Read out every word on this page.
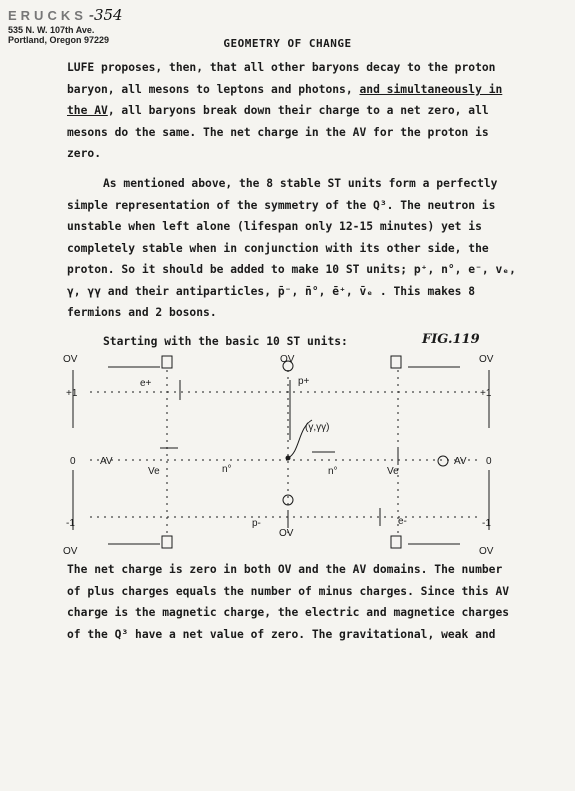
ERUCKS -354
535 N. W. 107th Ave.
Portland, Oregon 97229	GEOMETRY OF CHANGE

LUFE proposes, then, that all other baryons decay to the proton baryon, all mesons to leptons and photons, and simultaneously in the AV, all baryons break down their charge to a net zero, all mesons do the same. The net charge in the AV for the proton is zero.

As mentioned above, the 8 stable ST units form a perfectly simple representation of the symmetry of the Q³. The neutron is unstable when left alone (lifespan only 12-15 minutes) yet is completely stable when in conjunction with its other side, the proton. So it should be added to make 10 ST units; p⁺, n°, e⁻, vₑ, γ, γγ and their antiparticles, p̄⁻, n̄°, ē⁺, v̄ₑ . This makes 8 fermions and 2 bosons.

Starting with the basic 10 ST units:	FIG.119
OV	OV
OV
OV	OV
OV
+1	+1
0	0
-1	-1
AV	AV
e+	p+
(γ,γγ)
Ve	n°	n°	Ve
p-	e-

The net charge is zero in both OV and the AV domains. The number of plus charges equals the number of minus charges. Since this AV charge is the magnetic charge, the electric and magnetice charges of the Q³ have a net value of zero. The gravitational, weak and
